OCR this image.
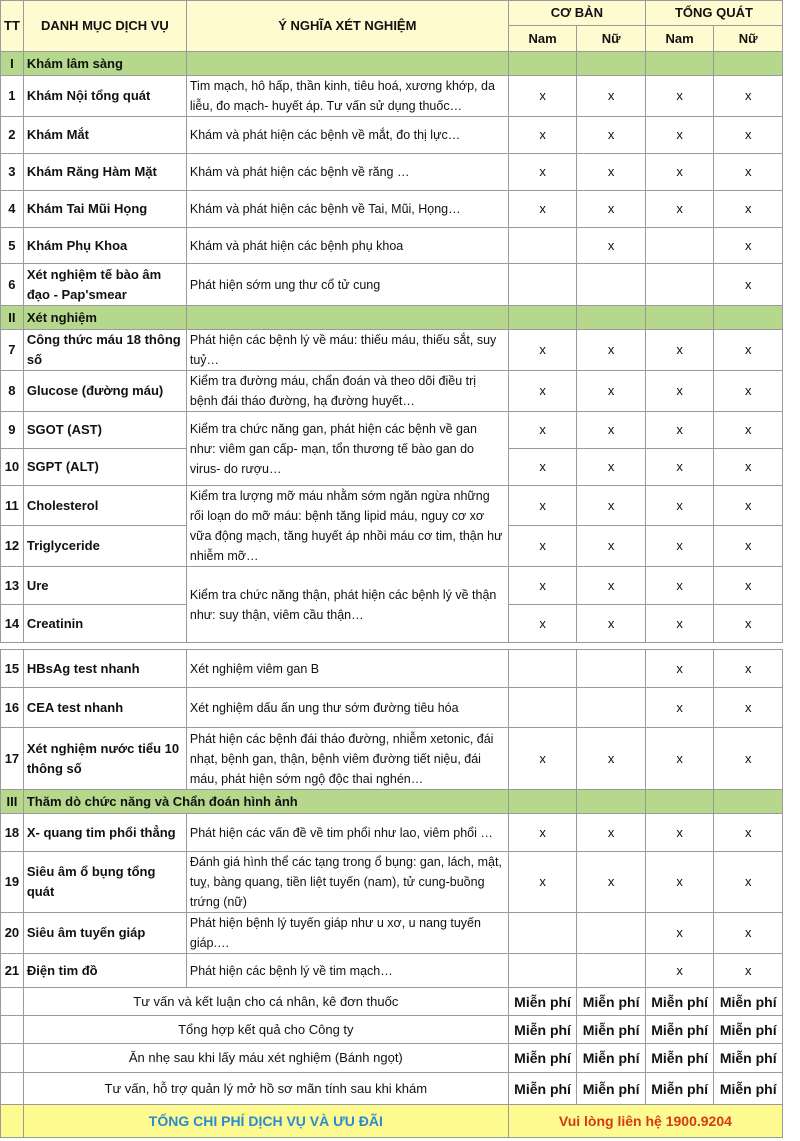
TT	DANH MỤC DỊCH VỤ	Ý NGHĨA XÉT NGHIỆM	CƠ BẢN		TỔNG QUÁT	
			Nam	Nữ	Nam	Nữ
I	Khám lâm sàng					
1	Khám Nội tổng quát	Tim mạch, hô hấp, thần kinh, tiêu hoá, xương khớp, da liễu, đo mạch- huyết áp. Tư vấn sử dụng thuốc…	x	x	x	x
2	Khám Mắt	Khám và phát hiện các bệnh về mắt, đo thị lực…	x	x	x	x
3	Khám Răng Hàm Mặt	Khám và phát hiện các bệnh về răng …	x	x	x	x
4	Khám Tai Mũi Họng	Khám và phát hiện các bệnh về Tai, Mũi, Họng…	x	x	x	x
5	Khám Phụ Khoa	Khám và phát hiện các bệnh phụ khoa		x		x
6	Xét nghiệm tế bào âm đạo - Pap'smear	Phát hiện sớm ung thư cổ tử cung				x
II	Xét nghiệm					
7	Công thức máu 18 thông số	Phát hiện các bệnh lý về máu: thiếu máu, thiếu sắt, suy tuỷ…	x	x	x	x
8	Glucose (đường máu)	Kiểm tra đường máu, chẩn đoán và theo dõi điều trị bệnh đái tháo đường, hạ đường huyết…	x	x	x	x
9	SGOT (AST)	Kiểm tra chức năng gan, phát hiện các bệnh về gan như: viêm gan cấp- mạn, tổn thương tế bào gan do virus- do rượu…	x	x	x	x
10	SGPT (ALT)		x	x	x	x
11	Cholesterol	Kiểm tra lượng mỡ máu nhằm sớm ngăn ngừa những rối loạn do mỡ máu: bệnh tăng lipid máu, nguy cơ xơ vữa động mạch, tăng huyết áp nhồi máu cơ tim, thận hư nhiễm mỡ…	x	x	x	x
12	Triglyceride		x	x	x	x
13	Ure	Kiểm tra chức năng thận, phát hiện các bệnh lý về thận như: suy thận, viêm cầu thận…	x	x	x	x
14	Creatinin		x	x	x	x

15	HBsAg test nhanh	Xét nghiệm viêm gan B			x	x
16	CEA test nhanh	Xét nghiệm dấu ấn ung thư sớm đường tiêu hóa			x	x
17	Xét nghiệm nước tiểu 10 thông số	Phát hiện các bệnh đái tháo đường, nhiễm xetonic, đái nhạt, bệnh gan, thận, bệnh viêm đường tiết niệu, đái máu, phát hiện sớm ngộ độc thai nghén…	x	x	x	x
III	Thăm dò chức năng và Chẩn đoán hình ảnh					
18	X- quang tim phổi thẳng	Phát hiện các vấn đề về tim phổi như lao, viêm phổi …	x	x	x	x
19	Siêu âm ổ bụng tổng quát	Đánh giá hình thể các tạng trong ổ bụng: gan, lách, mật, tuỵ, bàng quang, tiền liệt tuyến (nam), tử cung-buồng trứng (nữ)	x	x	x	x
20	Siêu âm tuyến giáp	Phát hiện bệnh lý tuyến giáp như u xơ, u nang tuyến giáp.…			x	x
21	Điện tim đồ	Phát hiện các bệnh lý về tim mạch…			x	x
	Tư vấn và kết luận cho cá nhân, kê đơn thuốc		Miễn phí	Miễn phí	Miễn phí	Miễn phí
	Tổng hợp kết quả cho Công ty		Miễn phí	Miễn phí	Miễn phí	Miễn phí
	Ăn nhẹ sau khi lấy máu xét nghiệm (Bánh ngọt)		Miễn phí	Miễn phí	Miễn phí	Miễn phí
	Tư vấn, hỗ trợ quản lý mở hồ sơ mãn tính sau khi khám		Miễn phí	Miễn phí	Miễn phí	Miễn phí
	TỔNG CHI PHÍ DỊCH VỤ VÀ ƯU ĐÃI		Vui lòng liên hệ 1900.9204			
